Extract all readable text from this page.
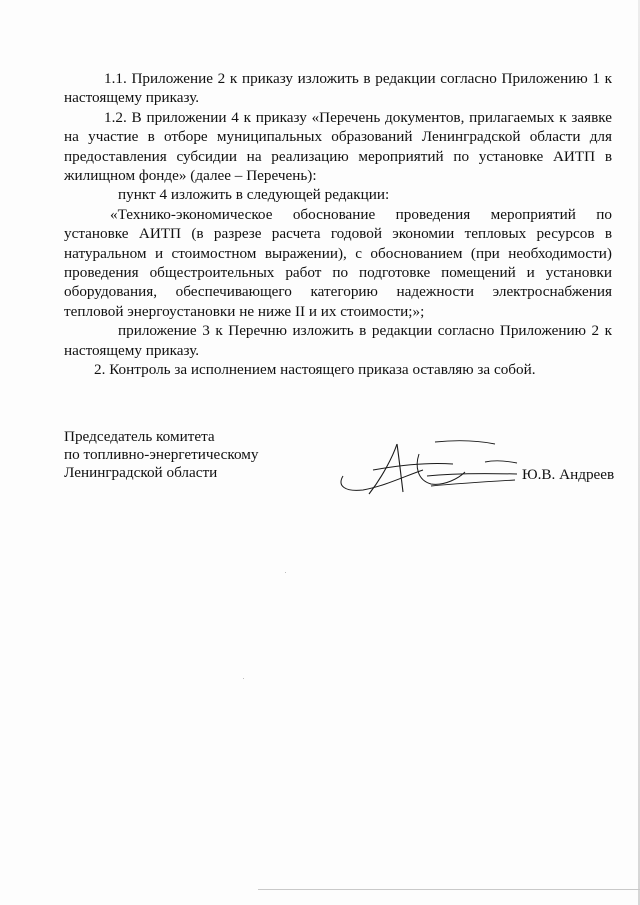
1.1. Приложение 2 к приказу изложить в редакции согласно Приложению 1 к настоящему приказу.

1.2. В приложении 4 к приказу «Перечень документов, прилагаемых к заявке на участие в отборе муниципальных образований Ленинградской области для предоставления субсидии на реализацию мероприятий по установке АИТП в жилищном фонде» (далее – Перечень):

пункт 4 изложить в следующей редакции:

«Технико-экономическое обоснование проведения мероприятий по установке АИТП (в разрезе расчета годовой экономии тепловых ресурсов в натуральном и стоимостном выражении), с обоснованием (при необходимости) проведения общестроительных работ по подготовке помещений и установки оборудования, обеспечивающего категорию надежности электроснабжения тепловой энергоустановки не ниже II и их стоимости;»;

приложение 3 к Перечню изложить в редакции согласно Приложению 2 к настоящему приказу.

2. Контроль за исполнением настоящего приказа оставляю за собой.

Председатель комитета
по топливно-энергетическому
Ленинградской области	Ю.В. Андреев
